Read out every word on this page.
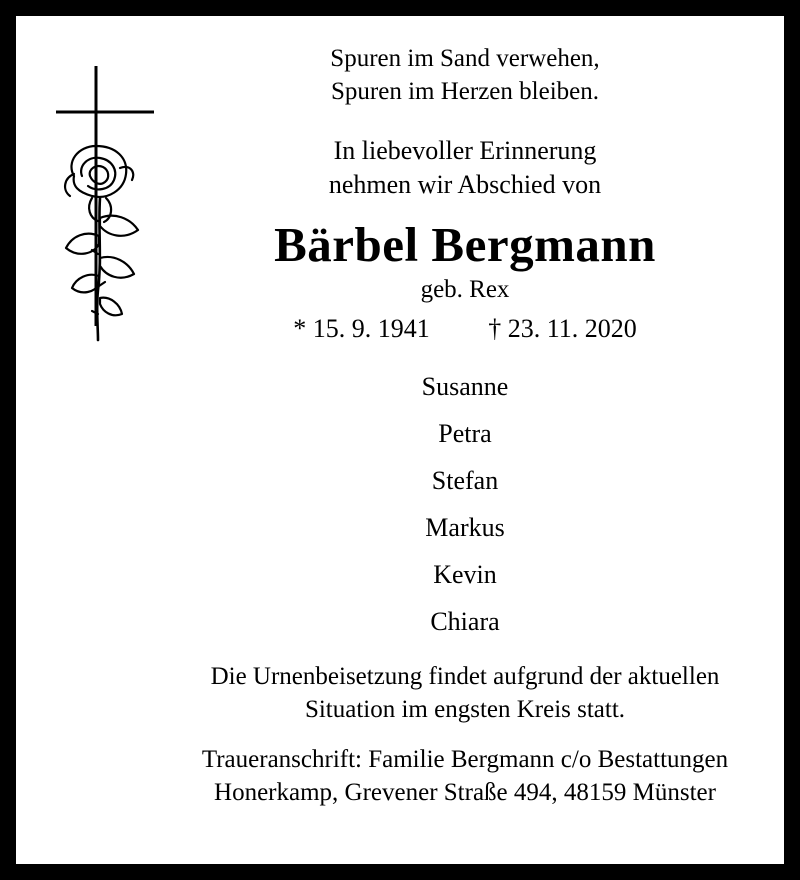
Spuren im Sand verwehen,
Spuren im Herzen bleiben.
In liebevoller Erinnerung
nehmen wir Abschied von
Bärbel Bergmann
geb. Rex
* 15. 9. 1941 † 23. 11. 2020
Susanne
Petra
Stefan
Markus
Kevin
Chiara
Die Urnenbeisetzung findet aufgrund der aktuellen
Situation im engsten Kreis statt.
Traueranschrift: Familie Bergmann c/o Bestattungen
Honerkamp, Grevener Straße 494, 48159 Münster
